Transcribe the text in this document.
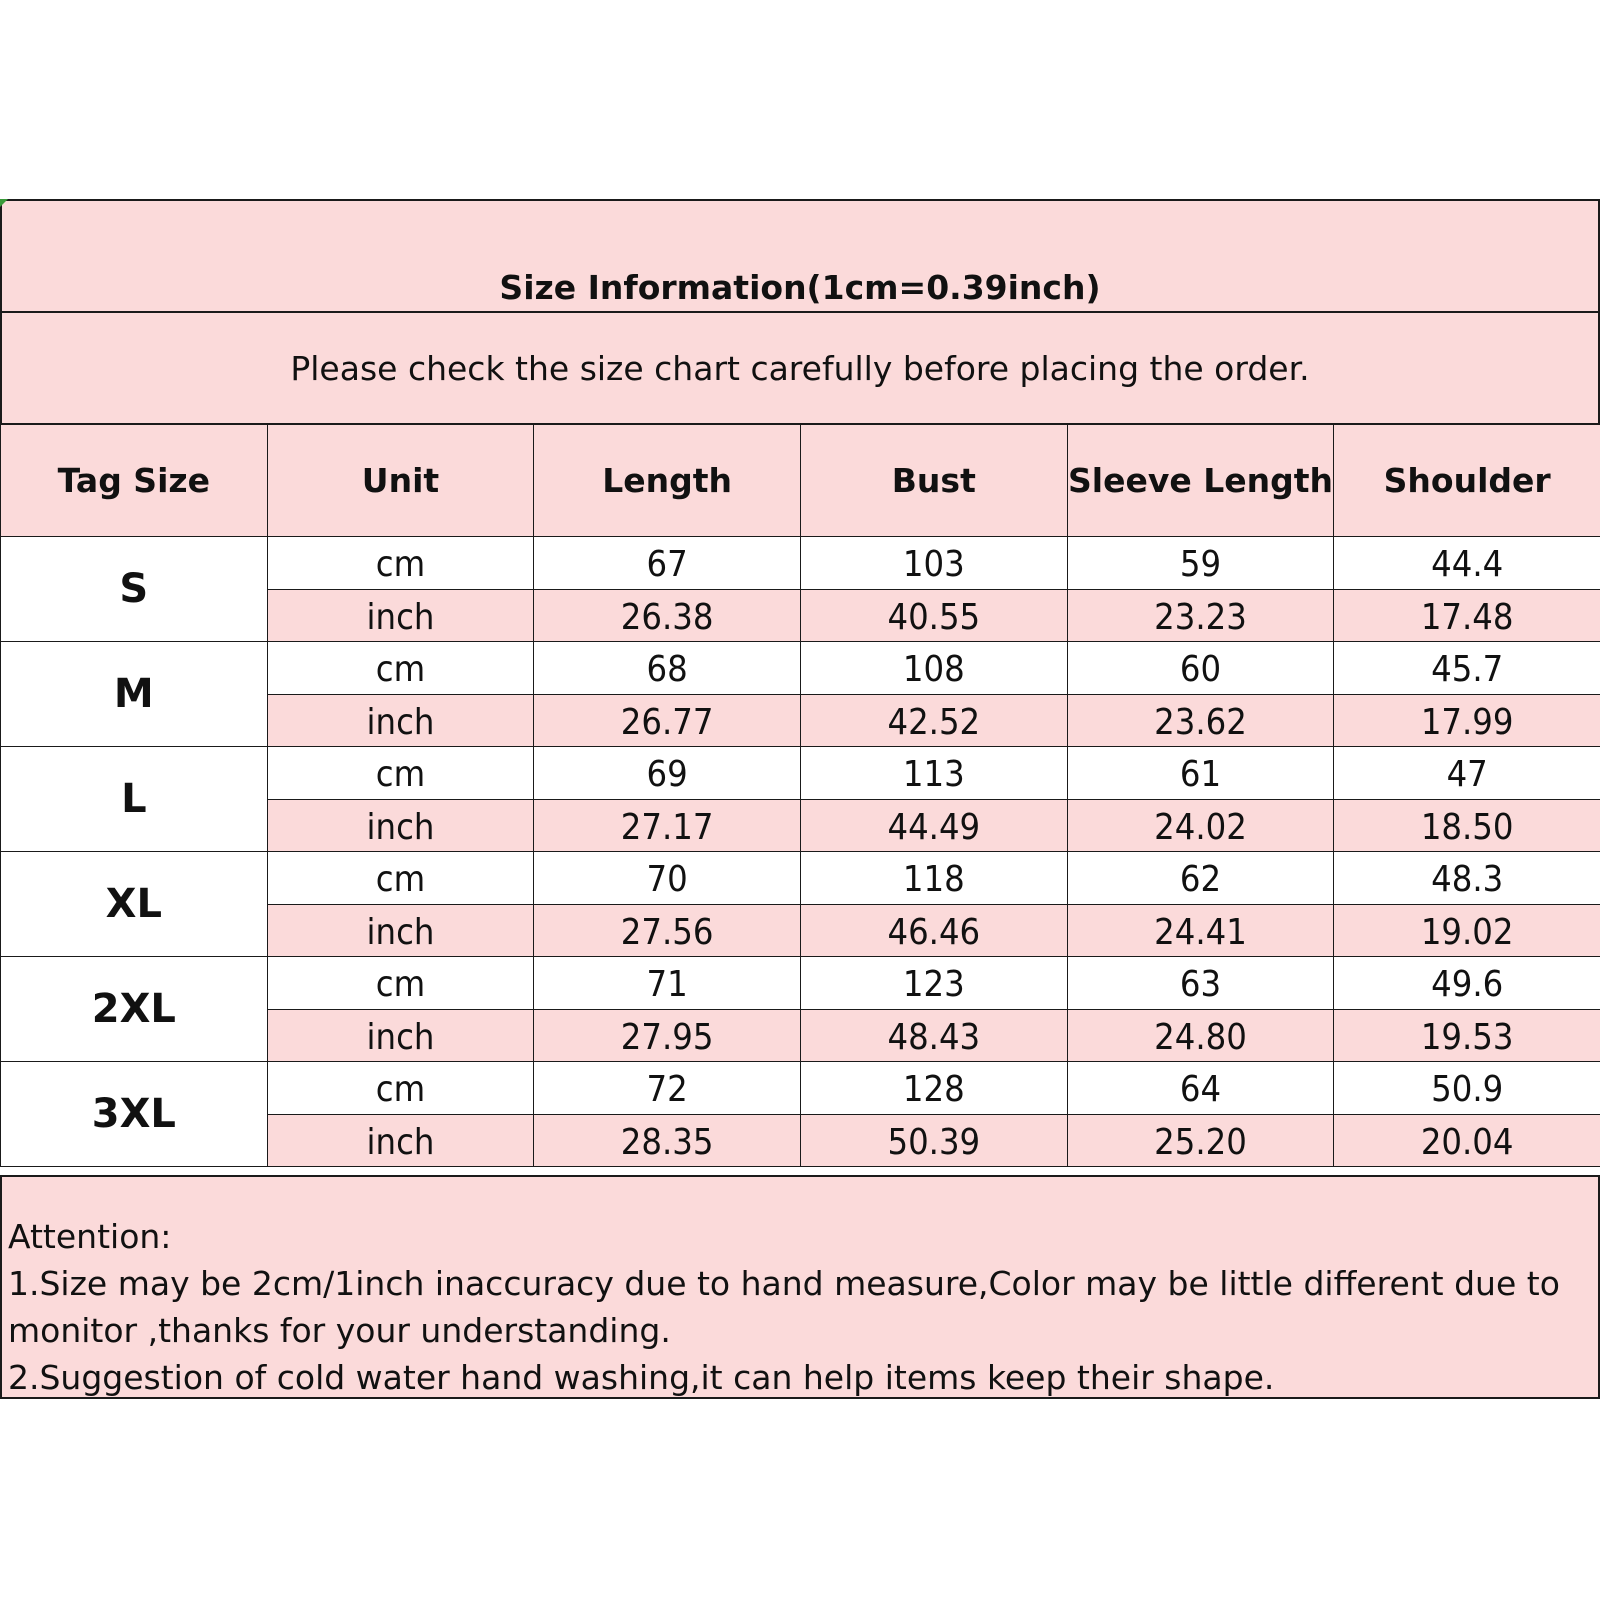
Size Information(1cm=0.39inch)
Please check the size chart carefully before placing the order.
Tag Size	Unit	Length	Bust	Sleeve Length	Shoulder
S
cm	67	103	59	44.4
inch	26.38	40.55	23.23	17.48
M
cm	68	108	60	45.7
inch	26.77	42.52	23.62	17.99
L
cm	69	113	61	47
inch	27.17	44.49	24.02	18.50
XL
cm	70	118	62	48.3
inch	27.56	46.46	24.41	19.02
2XL
cm	71	123	63	49.6
inch	27.95	48.43	24.80	19.53
3XL
cm	72	128	64	50.9
inch	28.35	50.39	25.20	20.04
Attention:
1.Size may be 2cm/1inch inaccuracy due to hand measure,Color may be little different due to
monitor ,thanks for your understanding.
2.Suggestion of cold water hand washing,it can help items keep their shape.
